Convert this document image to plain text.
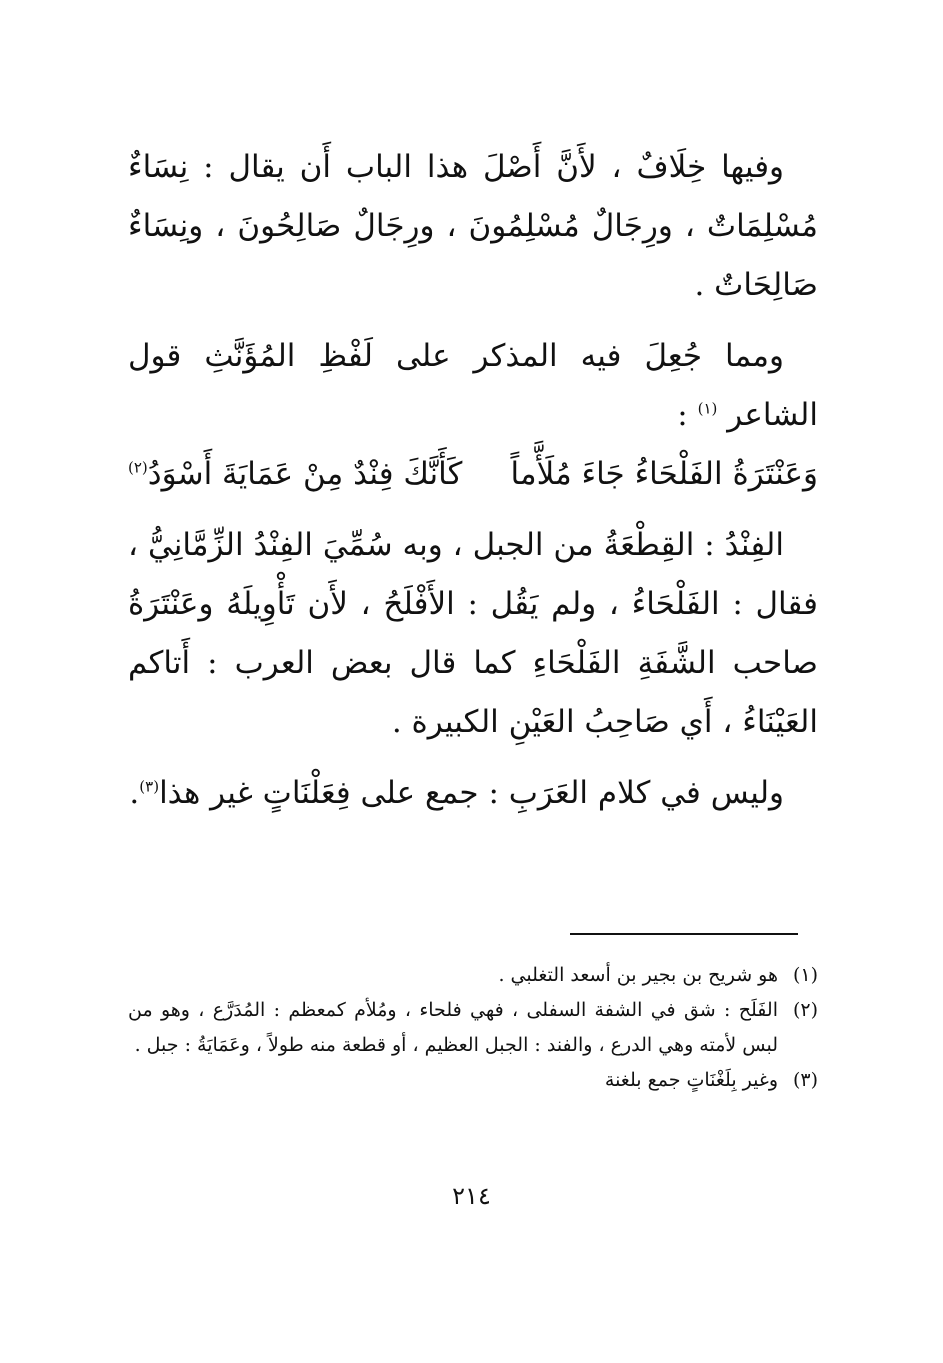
وفيها خِلَافٌ ، لأَنَّ أَصْلَ هذا الباب أَن يقال : نِسَاءٌ مُسْلِمَاتٌ ، ورِجَالٌ مُسْلِمُونَ ، ورِجَالٌ صَالِحُونَ ، ونِسَاءٌ صَالِحَاتٌ .

ومما جُعِلَ فيه المذكر على لَفْظِ المُؤَنَّثِ قول الشاعر $^{(١)}$ :

وَعَنْتَرَةُ الفَلْحَاءُ جَاءَ مُلَأَّماً
كَأَنَّكَ فِنْدٌ مِنْ عَمَايَةَ أَسْوَدُ$^{(٢)}$

الفِنْدُ : القِطْعَةُ من الجبل ، وبه سُمِّيَ الفِنْدُ الزِّمَّانِيُّ ، فقال : الفَلْحَاءُ ، ولم يَقُل : الأَفْلَحُ ، لأَن تَأْوِيلَهُ وعَنْتَرَةُ صاحب الشَّفَةِ الفَلْحَاءِ كما قال بعض العرب : أَتاكم العَيْنَاءُ ، أَي صَاحِبُ العَيْنِ الكبيرة .

وليس في كلام العَرَبِ : جمع على فِعَلْنَاتٍ غير هذا$^{(٣)}$.

(١)
هو شريح بن بجير بن أسعد التغلبي .
(٢)
الفَلَح : شق في الشفة السفلى ، فهي فلحاء ، ومُلأم كمعظم : المُدَرَّع ، وهو من لبس لأمته وهي الدرع ، والفند : الجبل العظيم ، أو قطعة منه طولاً ، وعَمَايَةُ : جبل .
(٣)
وغير بِلَغْنَاتٍ جمع بلغنة
٢١٤
